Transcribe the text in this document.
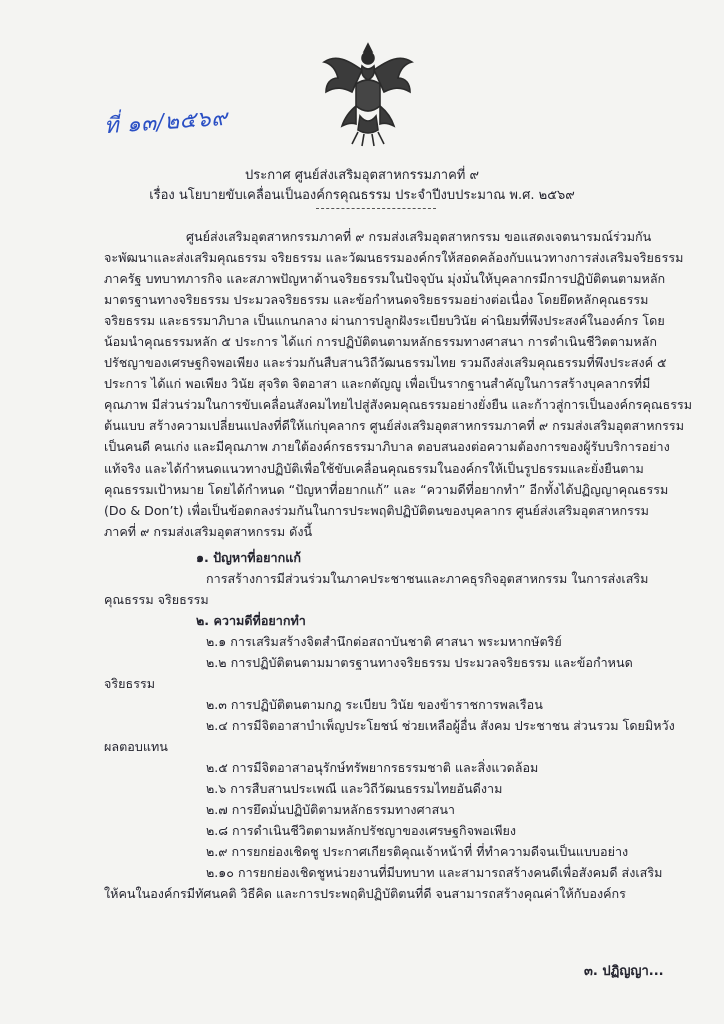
ที่ ๑๓/๒๕๖๙
ประกาศ ศูนย์ส่งเสริมอุตสาหกรรมภาคที่ ๙
เรื่อง นโยบายขับเคลื่อนเป็นองค์กรคุณธรรม ประจำปีงบประมาณ พ.ศ. ๒๕๖๙
ศูนย์ส่งเสริมอุตสาหกรรมภาคที่ ๙ กรมส่งเสริมอุตสาหกรรม ขอแสดงเจตนารมณ์ร่วมกัน
จะพัฒนาและส่งเสริมคุณธรรม จริยธรรม และวัฒนธรรมองค์กรให้สอดคล้องกับแนวทางการส่งเสริมจริยธรรม
ภาครัฐ บทบาทภารกิจ และสภาพปัญหาด้านจริยธรรมในปัจจุบัน มุ่งมั่นให้บุคลากรมีการปฏิบัติตนตามหลัก
มาตรฐานทางจริยธรรม ประมวลจริยธรรม และข้อกำหนดจริยธรรมอย่างต่อเนื่อง โดยยึดหลักคุณธรรม
จริยธรรม และธรรมาภิบาล เป็นแกนกลาง ผ่านการปลูกฝังระเบียบวินัย ค่านิยมที่พึงประสงค์ในองค์กร โดย
น้อมนำคุณธรรมหลัก ๕ ประการ ได้แก่ การปฏิบัติตนตามหลักธรรมทางศาสนา การดำเนินชีวิตตามหลัก
ปรัชญาของเศรษฐกิจพอเพียง และร่วมกันสืบสานวิถีวัฒนธรรมไทย รวมถึงส่งเสริมคุณธรรมที่พึงประสงค์ ๕
ประการ ได้แก่ พอเพียง วินัย สุจริต จิตอาสา และกตัญญู เพื่อเป็นรากฐานสำคัญในการสร้างบุคลากรที่มี
คุณภาพ มีส่วนร่วมในการขับเคลื่อนสังคมไทยไปสู่สังคมคุณธรรมอย่างยั่งยืน และก้าวสู่การเป็นองค์กรคุณธรรม
ต้นแบบ สร้างความเปลี่ยนแปลงที่ดีให้แก่บุคลากร ศูนย์ส่งเสริมอุตสาหกรรมภาคที่ ๙ กรมส่งเสริมอุตสาหกรรม
เป็นคนดี คนเก่ง และมีคุณภาพ ภายใต้องค์กรธรรมาภิบาล ตอบสนองต่อความต้องการของผู้รับบริการอย่าง
แท้จริง และได้กำหนดแนวทางปฏิบัติเพื่อใช้ขับเคลื่อนคุณธรรมในองค์กรให้เป็นรูปธรรมและยั่งยืนตาม
คุณธรรมเป้าหมาย โดยได้กำหนด “ปัญหาที่อยากแก้” และ “ความดีที่อยากทำ” อีกทั้งได้ปฏิญญาคุณธรรม
(Do & Don’t) เพื่อเป็นข้อตกลงร่วมกันในการประพฤติปฏิบัติตนของบุคลากร ศูนย์ส่งเสริมอุตสาหกรรม
ภาคที่ ๙ กรมส่งเสริมอุตสาหกรรม ดังนี้
๑. ปัญหาที่อยากแก้
การสร้างการมีส่วนร่วมในภาคประชาชนและภาคธุรกิจอุตสาหกรรม ในการส่งเสริม
คุณธรรม จริยธรรม
๒. ความดีที่อยากทำ
๒.๑ การเสริมสร้างจิตสำนึกต่อสถาบันชาติ ศาสนา พระมหากษัตริย์
๒.๒ การปฏิบัติตนตามมาตรฐานทางจริยธรรม ประมวลจริยธรรม และข้อกำหนด
จริยธรรม
๒.๓ การปฏิบัติตนตามกฎ ระเบียบ วินัย ของข้าราชการพลเรือน
๒.๔ การมีจิตอาสาบำเพ็ญประโยชน์ ช่วยเหลือผู้อื่น สังคม ประชาชน ส่วนรวม โดยมิหวัง
ผลตอบแทน
๒.๕ การมีจิตอาสาอนุรักษ์ทรัพยากรธรรมชาติ และสิ่งแวดล้อม
๒.๖ การสืบสานประเพณี และวิถีวัฒนธรรมไทยอันดีงาม
๒.๗ การยึดมั่นปฏิบัติตามหลักธรรมทางศาสนา
๒.๘ การดำเนินชีวิตตามหลักปรัชญาของเศรษฐกิจพอเพียง
๒.๙ การยกย่องเชิดชู ประกาศเกียรติคุณเจ้าหน้าที่ ที่ทำความดีจนเป็นแบบอย่าง
๒.๑๐ การยกย่องเชิดชูหน่วยงานที่มีบทบาท และสามารถสร้างคนดีเพื่อสังคมดี ส่งเสริม
ให้คนในองค์กรมีทัศนคติ วิธีคิด และการประพฤติปฏิบัติตนที่ดี จนสามารถสร้างคุณค่าให้กับองค์กร
๓. ปฏิญญา...
